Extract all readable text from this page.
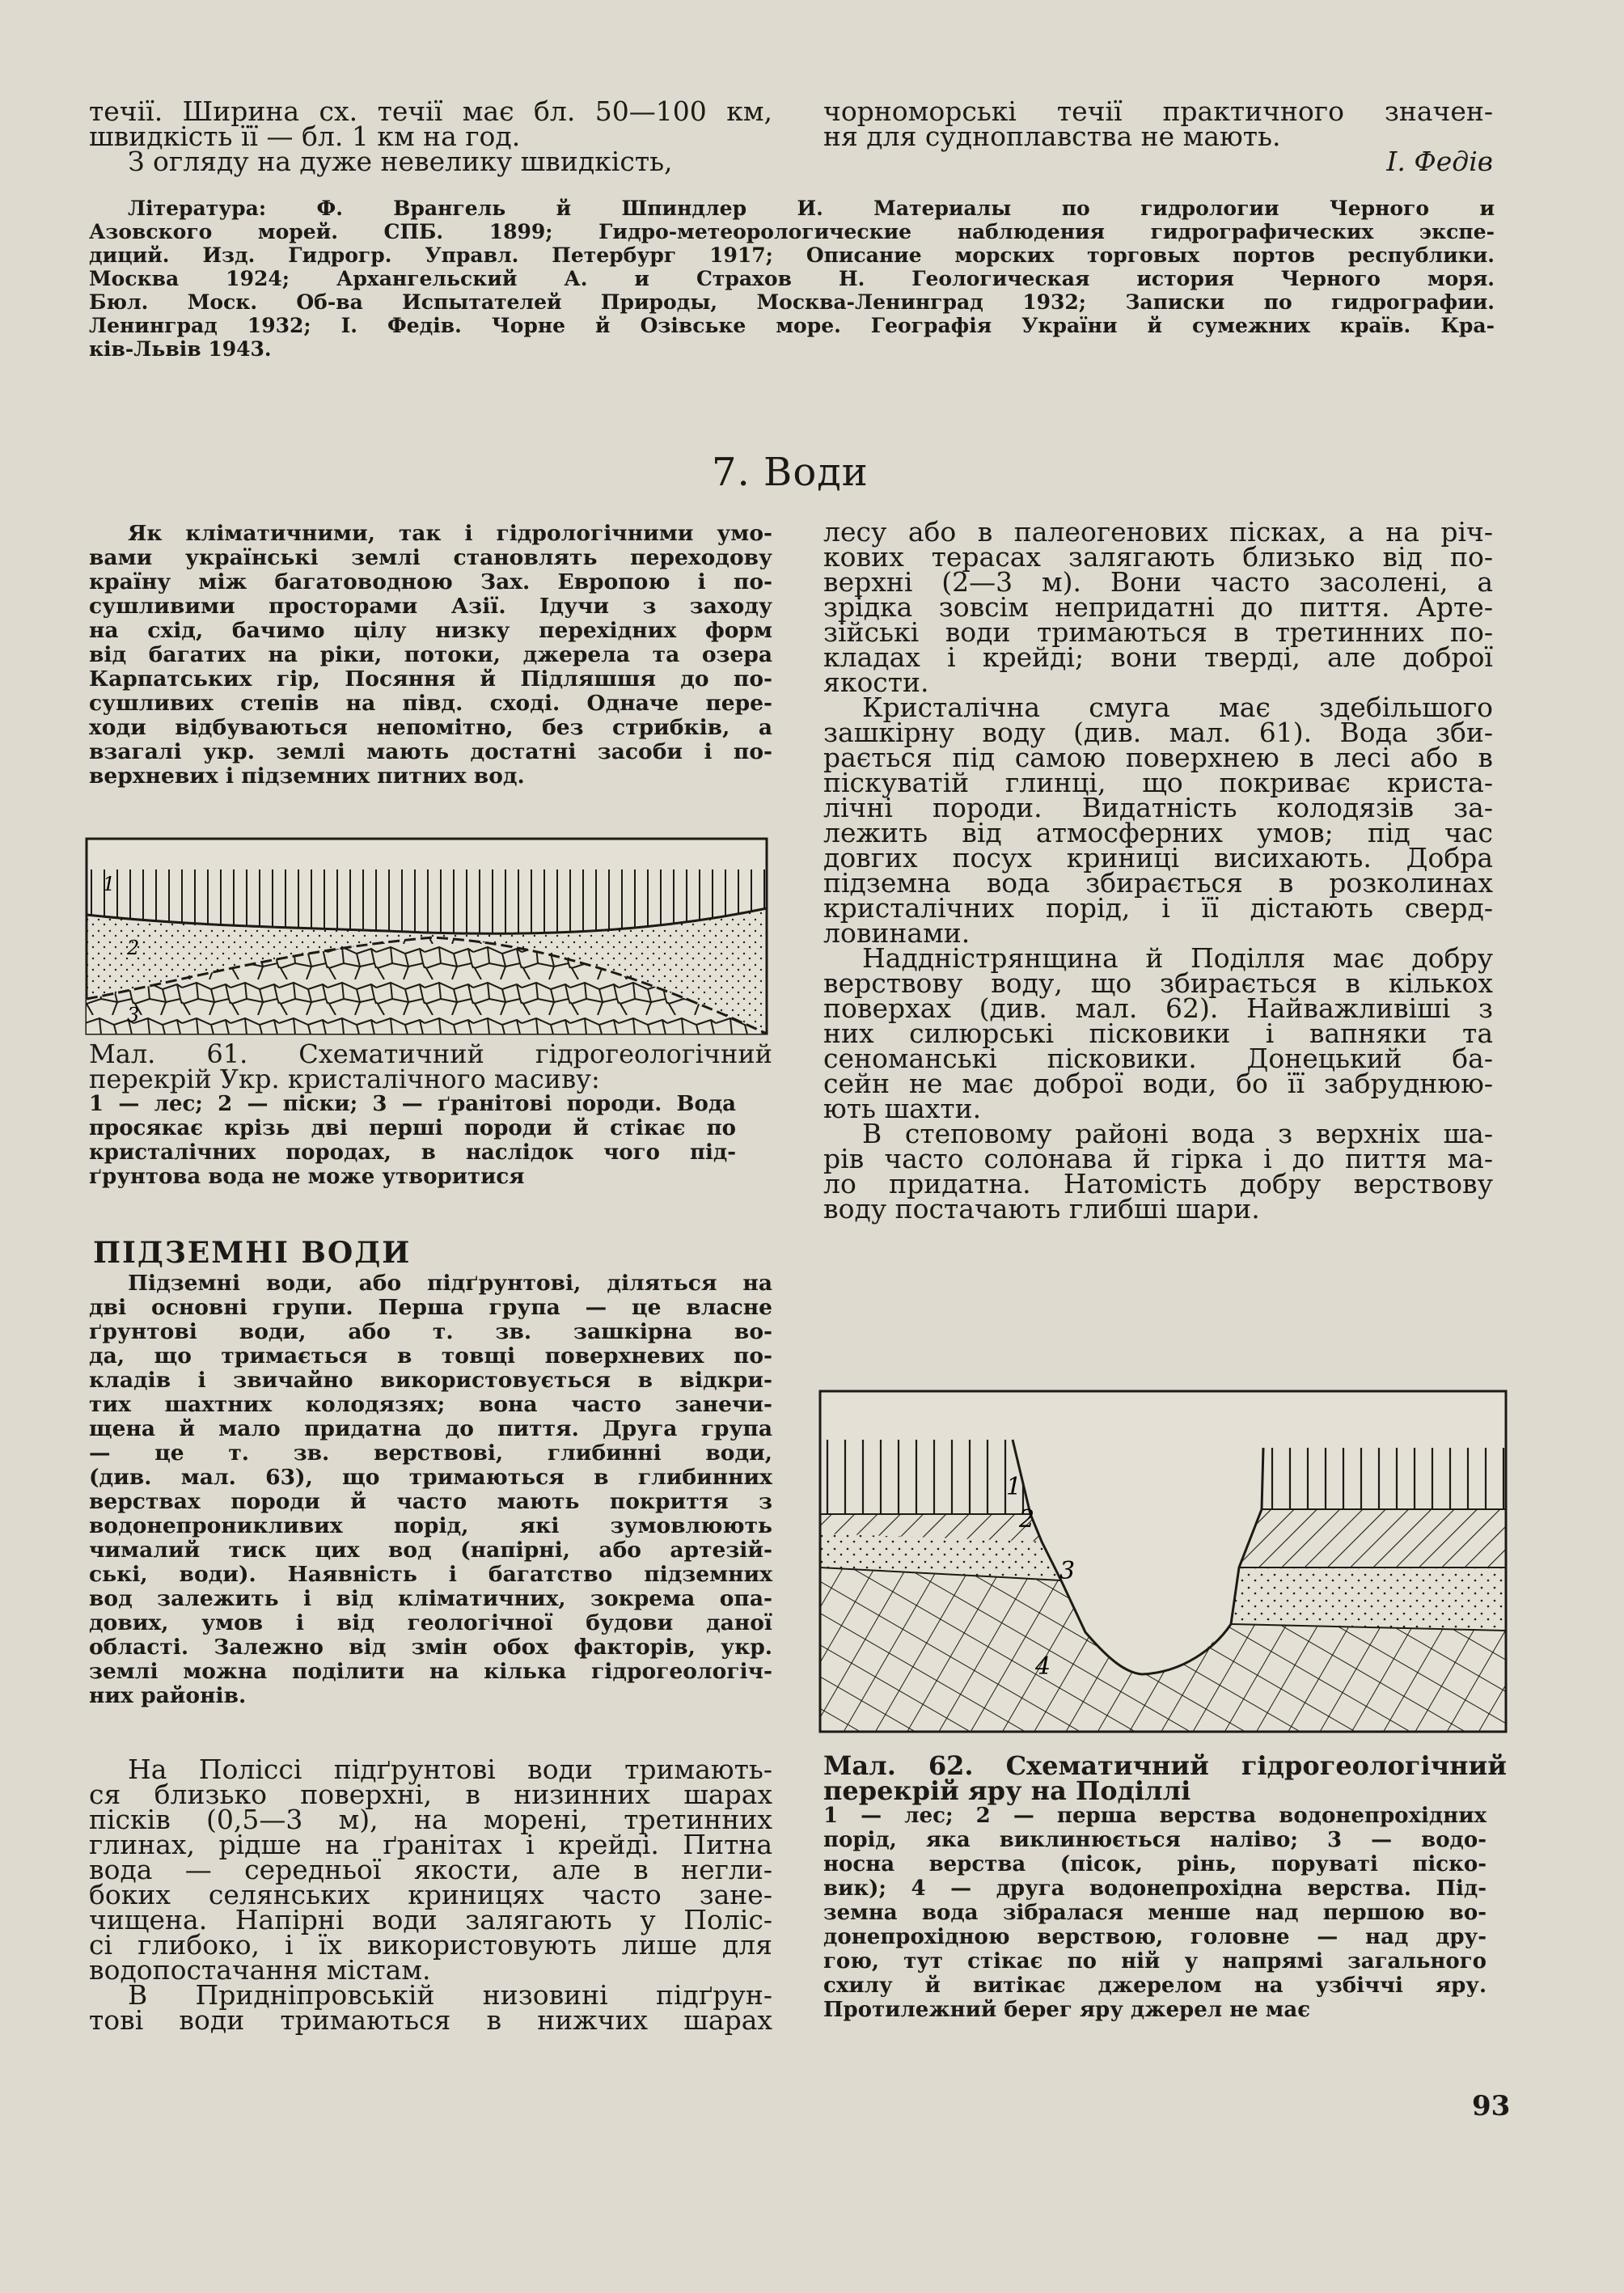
течії. Ширина сх. течії має бл. 50—100 км,
швидкість її — бл. 1 км на год.
З огляду на дуже невелику швидкість,
чорноморські течії практичного значен-
ня для судноплавства не мають.
І. Федів
Література: Ф. Врангель й Шпиндлер И. Материалы по гидрологии Черного и
Азовского морей. СПБ. 1899; Гидро-метеорологические наблюдения гидрографических экспе-
диций. Изд. Гидрогр. Управл. Петербург 1917; Описание морских торговых портов республики.
Москва 1924; Архангельский А. и Страхов Н. Геологическая история Черного моря.
Бюл. Моск. Об-ва Испытателей Природы, Москва-Ленинград 1932; Записки по гидрографии.
Ленинград 1932; І. Федів. Чорне й Озівське море. Географія України й сумежних країв. Кра-
ків-Львів 1943.
7. Води
Як кліматичними, так і гідрологічними умо-
вами українські землі становлять переходову
країну між багатоводною Зах. Европою і по-
сушливими просторами Азії. Ідучи з заходу
на схід, бачимо цілу низку перехідних форм
від багатих на ріки, потоки, джерела та озера
Карпатських гір, Посяння й Підляшшя до по-
сушливих степів на півд. сході. Одначе пере-
ходи відбуваються непомітно, без стрибків, а
взагалі укр. землі мають достатні засоби і по-
верхневих і підземних питних вод.
1
2
3
Мал. 61. Схематичний гідрогеологічний
перекрій Укр. кристалічного масиву:
1 — лес; 2 — піски; 3 — ґранітові породи. Вода
просякає крізь дві перші породи й стікає по
кристалічних породах, в наслідок чого під-
ґрунтова вода не може утворитися
ПІДЗЕМНІ ВОДИ
Підземні води, або підґрунтові, діляться на
дві основні групи. Перша група — це власне
ґрунтові води, або т. зв. зашкірна во-
да, що тримається в товщі поверхневих по-
кладів і звичайно використовується в відкри-
тих шахтних колодязях; вона часто занечи-
щена й мало придатна до пиття. Друга група
— це т. зв. верствові, глибинні води,
(див. мал. 63), що тримаються в глибинних
верствах породи й часто мають покриття з
водонепроникливих порід, які зумовлюють
чималий тиск цих вод (напірні, або артезій-
ські, води). Наявність і багатство підземних
вод залежить і від кліматичних, зокрема опа-
дових, умов і від геологічної будови даної
області. Залежно від змін обох факторів, укр.
землі можна поділити на кілька гідрогеологіч-
них районів.
На Поліссі підґрунтові води тримають-
ся близько поверхні, в низинних шарах
пісків (0,5—3 м), на морені, третинних
глинах, рідше на ґранітах і крейді. Питна
вода — середньої якости, але в негли-
боких селянських криницях часто зане-
чищена. Напірні води залягають у Полiс-
сі глибоко, і їх використовують лише для
водопостачання містам.
В Придніпровській низовині підґрун-
тові води тримаються в нижчих шарах
лесу або в палеогенових пісках, а на річ-
кових терасах залягають близько від по-
верхні (2—3 м). Вони часто засолені, а
зрідка зовсім непридатні до пиття. Арте-
зійські води тримаються в третинних по-
кладах і крейді; вони тверді, але доброї
якости.
Кристалічна смуга має здебільшого
зашкірну воду (див. мал. 61). Вода зби-
рається під самою поверхнею в лесі або в
піскуватій глинці, що покриває криста-
лічні породи. Видатність колодязів за-
лежить від атмосферних умов; під час
довгих посух криниці висихають. Добра
підземна вода збирається в розколинах
кристалічних порід, і її дістають сверд-
ловинами.
Наддністрянщина й Поділля має добру
верствову воду, що збирається в кількох
поверхах (див. мал. 62). Найважливіші з
них силюрські пісковики і вапняки та
сеноманські пісковики. Донецький ба-
сейн не має доброї води, бо її забруднюю-
ють шахти.
В степовому районі вода з верхніх ша-
рів часто солонава й гірка і до пиття ма-
ло придатна. Натомість добру верствову
воду постачають глибші шари.
1
2
3
4
Мал. 62. Схематичний гідрогеологічний
перекрій яру на Поділлі
1 — лес; 2 — перша верства водонепрохідних
порід, яка виклинюється наліво; 3 — водо-
носна верства (пісок, рінь, поруваті піско-
вик); 4 — друга водонепрохідна верства. Під-
земна вода зібралася менше над першою во-
донепрохідною верствою, головне — над дру-
гою, тут стікає по ній у напрямі загального
схилу й витікає джерелом на узбіччі яру.
Протилежний берег яру джерел не має
93
